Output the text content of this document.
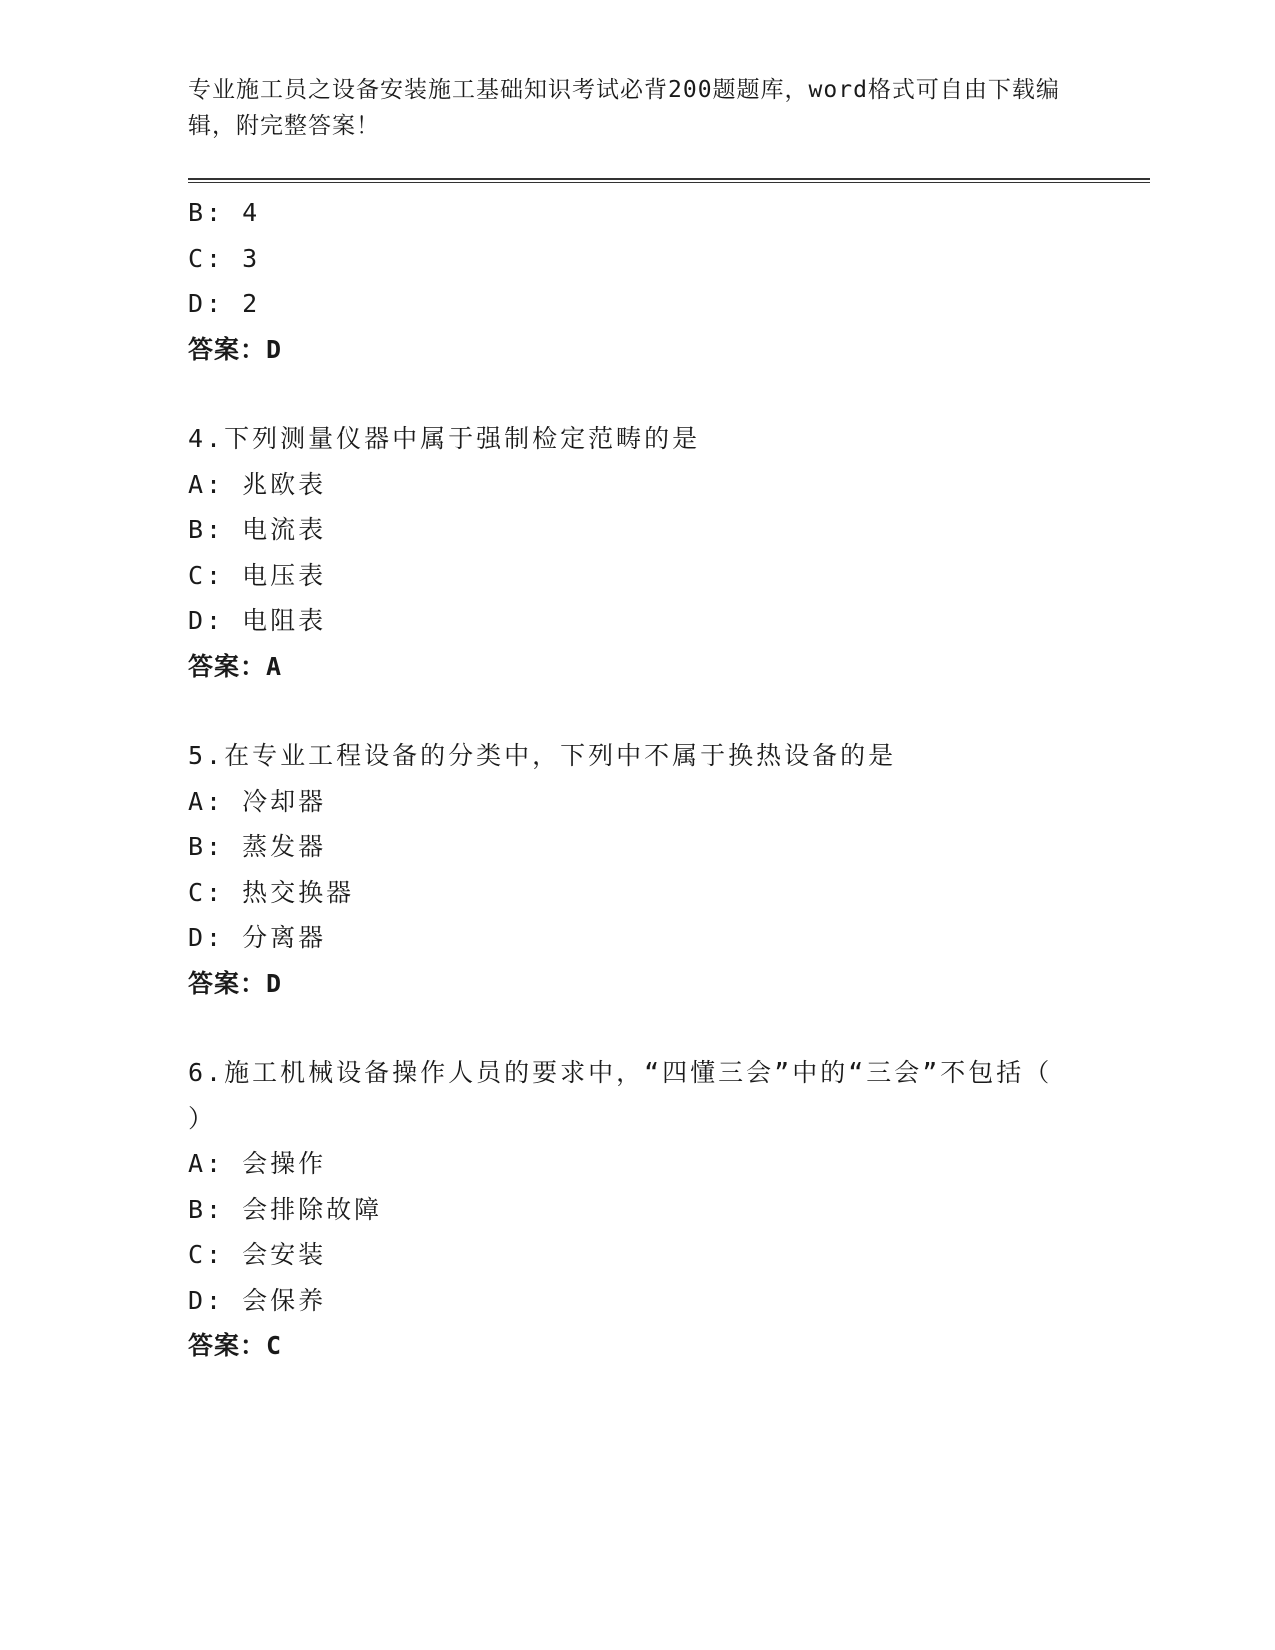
专业施工员之设备安装施工基础知识考试必背200题题库，word格式可自由下载编辑，附完整答案！
B: 4
C: 3
D: 2
答案：D
4.下列测量仪器中属于强制检定范畴的是
A: 兆欧表
B: 电流表
C: 电压表
D: 电阻表
答案：A
5.在专业工程设备的分类中，下列中不属于换热设备的是
A: 冷却器
B: 蒸发器
C: 热交换器
D: 分离器
答案：D
6.施工机械设备操作人员的要求中，“四懂三会”中的“三会”不包括（ ）
A: 会操作
B: 会排除故障
C: 会安装
D: 会保养
答案：C
